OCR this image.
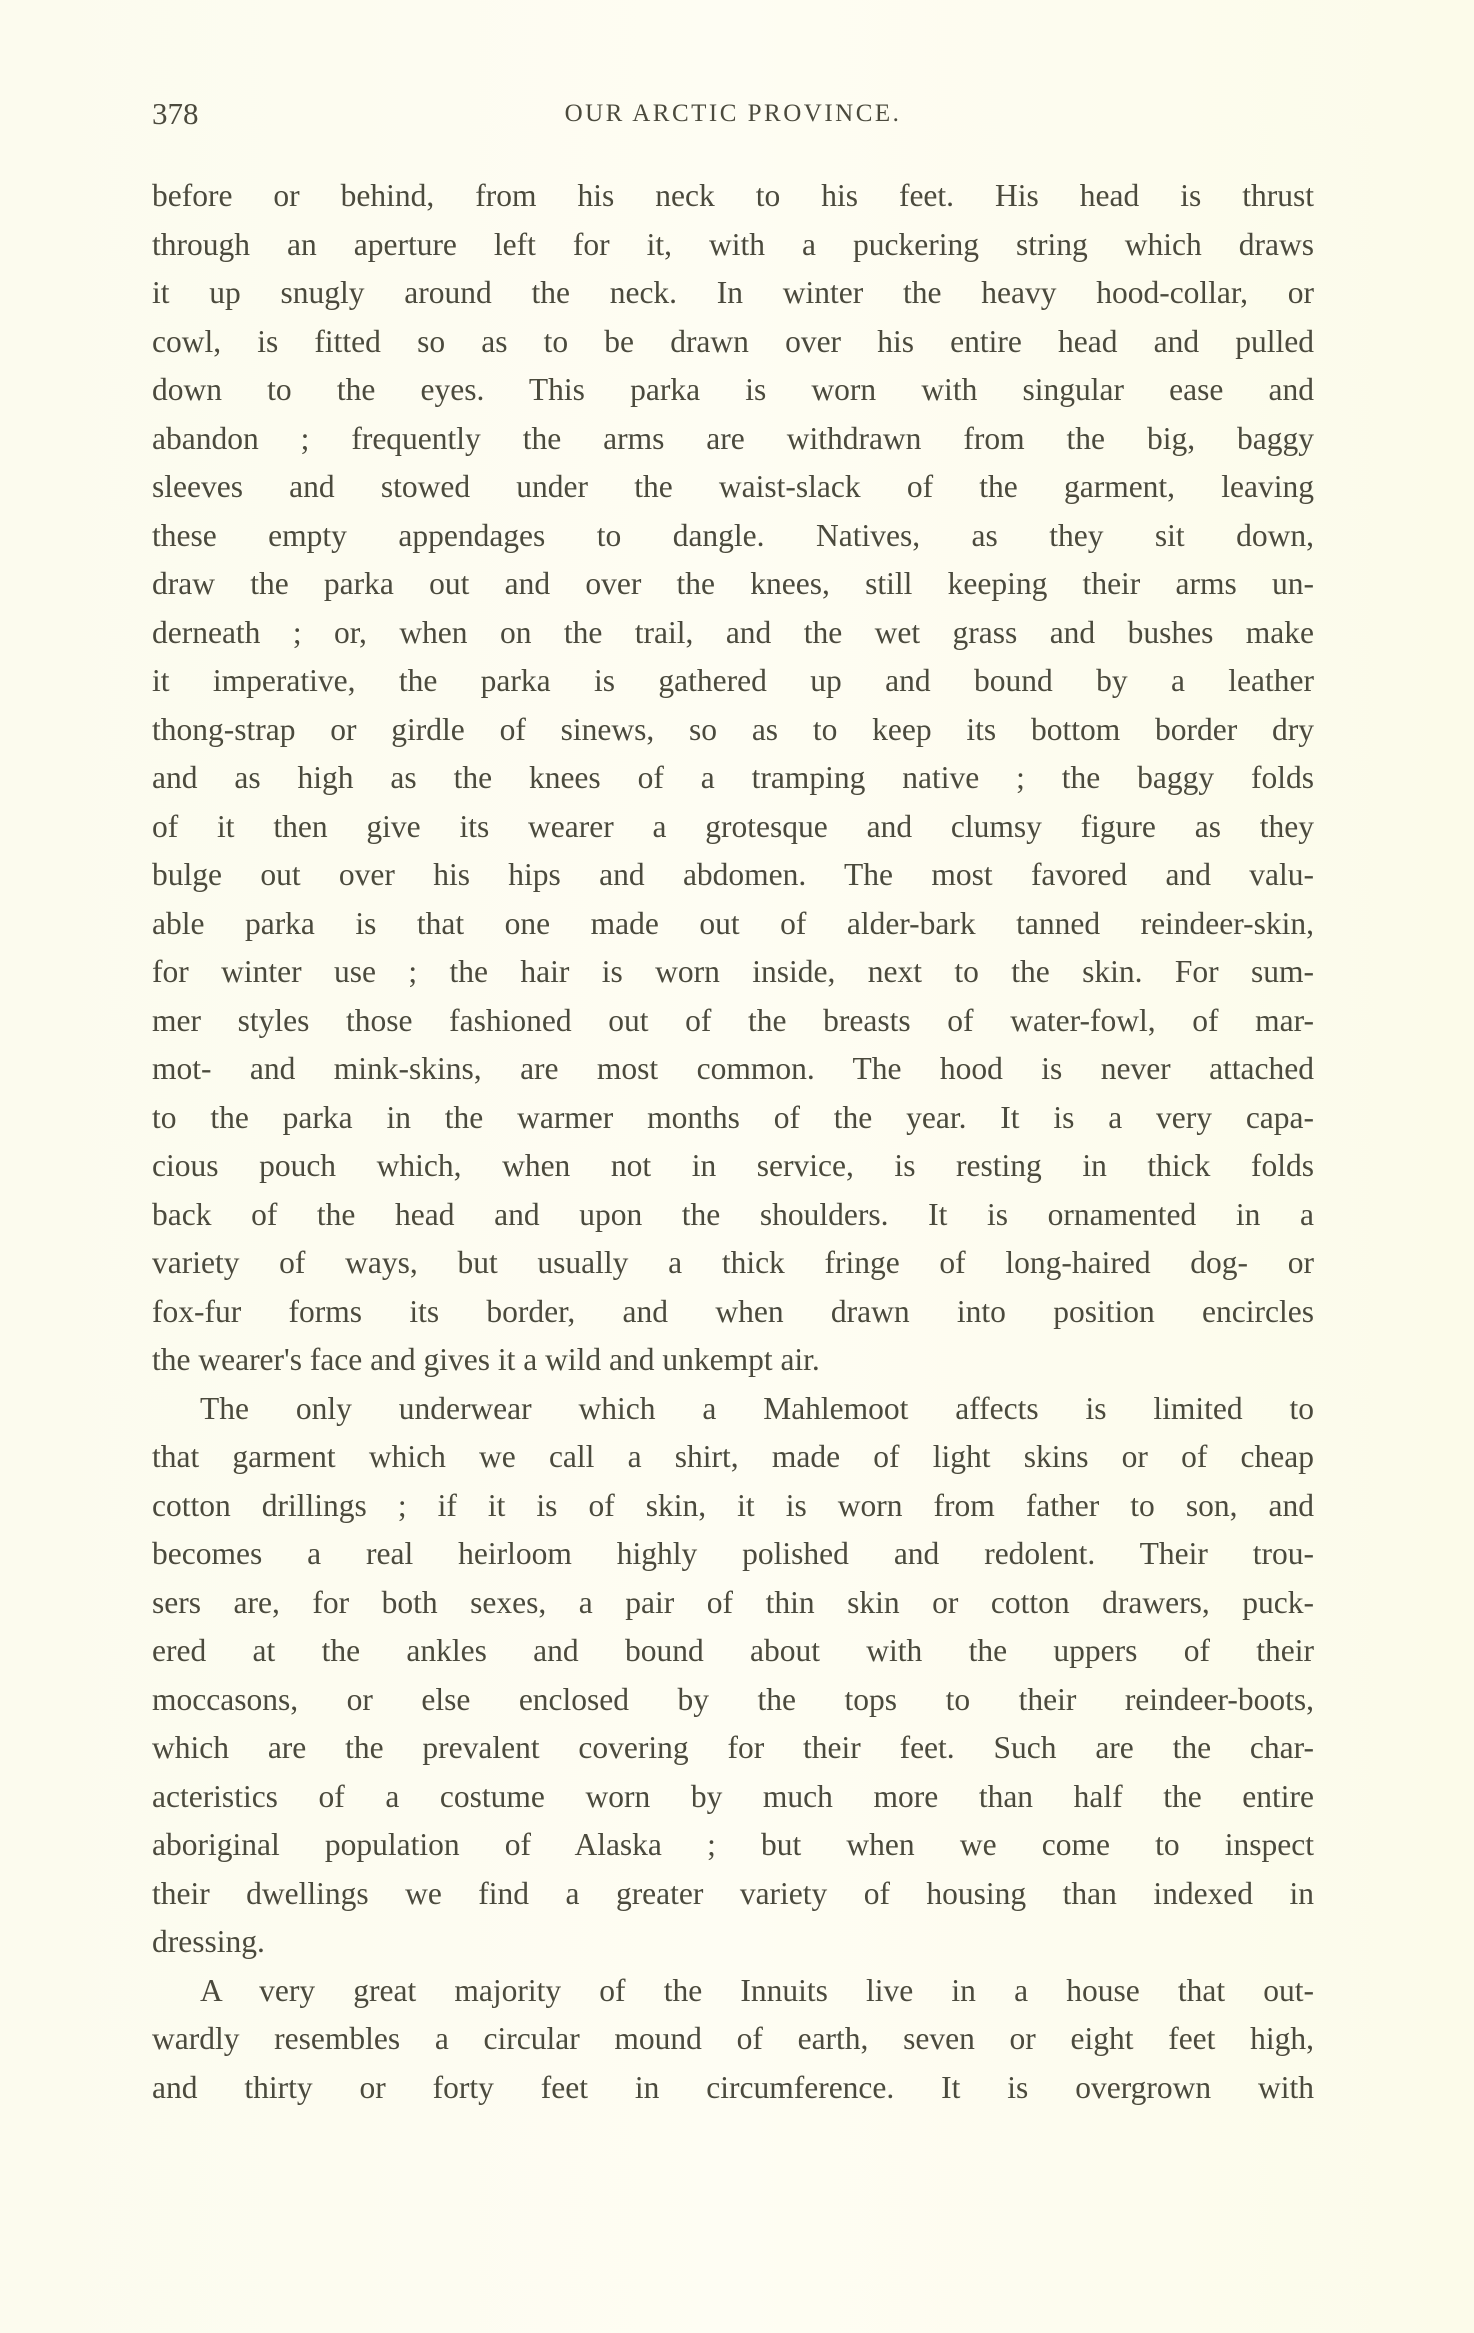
378	OUR ARCTIC PROVINCE.
before or behind, from his neck to his feet. His head is thrust
through an aperture left for it, with a puckering string which draws
it up snugly around the neck. In winter the heavy hood-collar, or
cowl, is fitted so as to be drawn over his entire head and pulled
down to the eyes. This parka is worn with singular ease and
abandon ; frequently the arms are withdrawn from the big, baggy
sleeves and stowed under the waist-slack of the garment, leaving
these empty appendages to dangle. Natives, as they sit down,
draw the parka out and over the knees, still keeping their arms un-
derneath ; or, when on the trail, and the wet grass and bushes make
it imperative, the parka is gathered up and bound by a leather
thong-strap or girdle of sinews, so as to keep its bottom border dry
and as high as the knees of a tramping native ; the baggy folds
of it then give its wearer a grotesque and clumsy figure as they
bulge out over his hips and abdomen. The most favored and valu-
able parka is that one made out of alder-bark tanned reindeer-skin,
for winter use ; the hair is worn inside, next to the skin. For sum-
mer styles those fashioned out of the breasts of water-fowl, of mar-
mot- and mink-skins, are most common. The hood is never attached
to the parka in the warmer months of the year. It is a very capa-
cious pouch which, when not in service, is resting in thick folds
back of the head and upon the shoulders. It is ornamented in a
variety of ways, but usually a thick fringe of long-haired dog- or
fox-fur forms its border, and when drawn into position encircles
the wearer's face and gives it a wild and unkempt air.
The only underwear which a Mahlemoot affects is limited to
that garment which we call a shirt, made of light skins or of cheap
cotton drillings ; if it is of skin, it is worn from father to son, and
becomes a real heirloom highly polished and redolent. Their trou-
sers are, for both sexes, a pair of thin skin or cotton drawers, puck-
ered at the ankles and bound about with the uppers of their
moccasons, or else enclosed by the tops to their reindeer-boots,
which are the prevalent covering for their feet. Such are the char-
acteristics of a costume worn by much more than half the entire
aboriginal population of Alaska ; but when we come to inspect
their dwellings we find a greater variety of housing than indexed in
dressing.
A very great majority of the Innuits live in a house that out-
wardly resembles a circular mound of earth, seven or eight feet high,
and thirty or forty feet in circumference. It is overgrown with
